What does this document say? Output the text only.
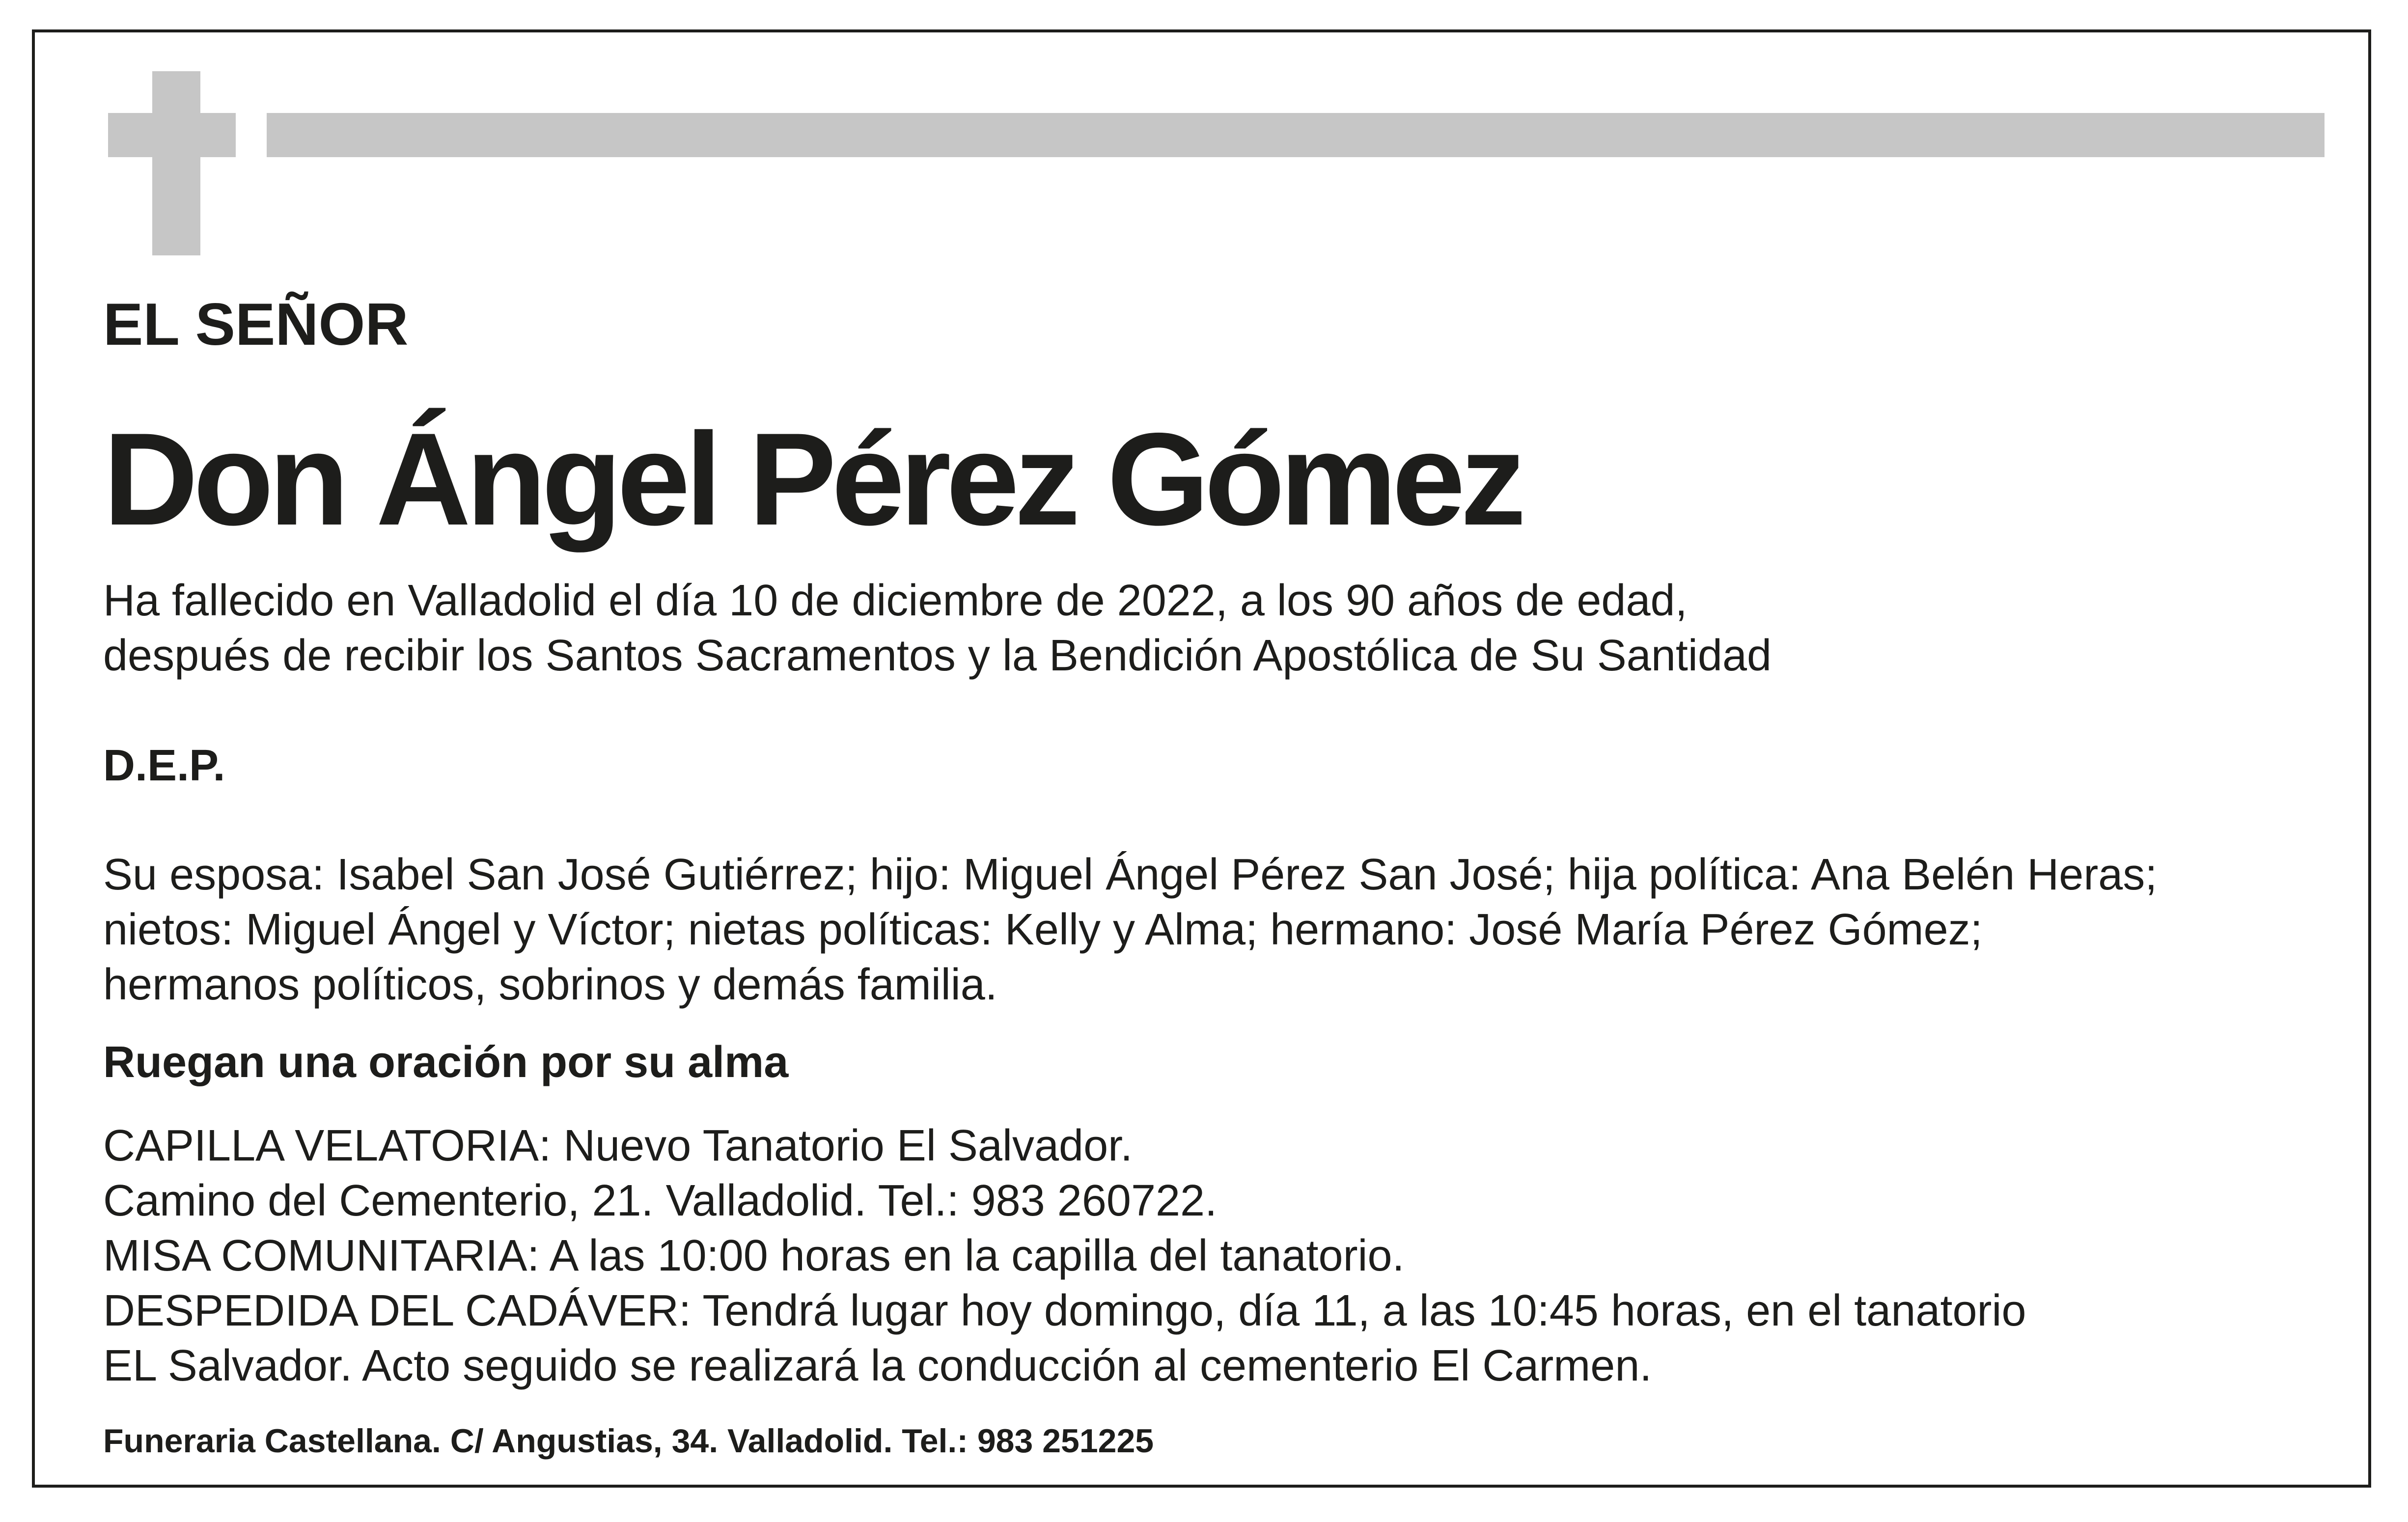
EL SEÑOR

Don Ángel Pérez Gómez

Ha fallecido en Valladolid el día 10 de diciembre de 2022, a los 90 años de edad,

después de recibir los Santos Sacramentos y la Bendición Apostólica de Su Santidad

D.E.P.

Su esposa: Isabel San José Gutiérrez; hijo: Miguel Ángel Pérez San José; hija política: Ana Belén Heras;

nietos: Miguel Ángel y Víctor; nietas políticas: Kelly y Alma; hermano: José María Pérez Gómez;

hermanos políticos, sobrinos y demás familia.

Ruegan una oración por su alma

CAPILLA VELATORIA: Nuevo Tanatorio El Salvador.

Camino del Cementerio, 21. Valladolid. Tel.: 983 260722.

MISA COMUNITARIA: A las 10:00 horas en la capilla del tanatorio.

DESPEDIDA DEL CADÁVER: Tendrá lugar hoy domingo, día 11, a las 10:45 horas, en el tanatorio

EL Salvador. Acto seguido se realizará la conducción al cementerio El Carmen.

Funeraria Castellana. C/ Angustias, 34. Valladolid. Tel.: 983 251225
